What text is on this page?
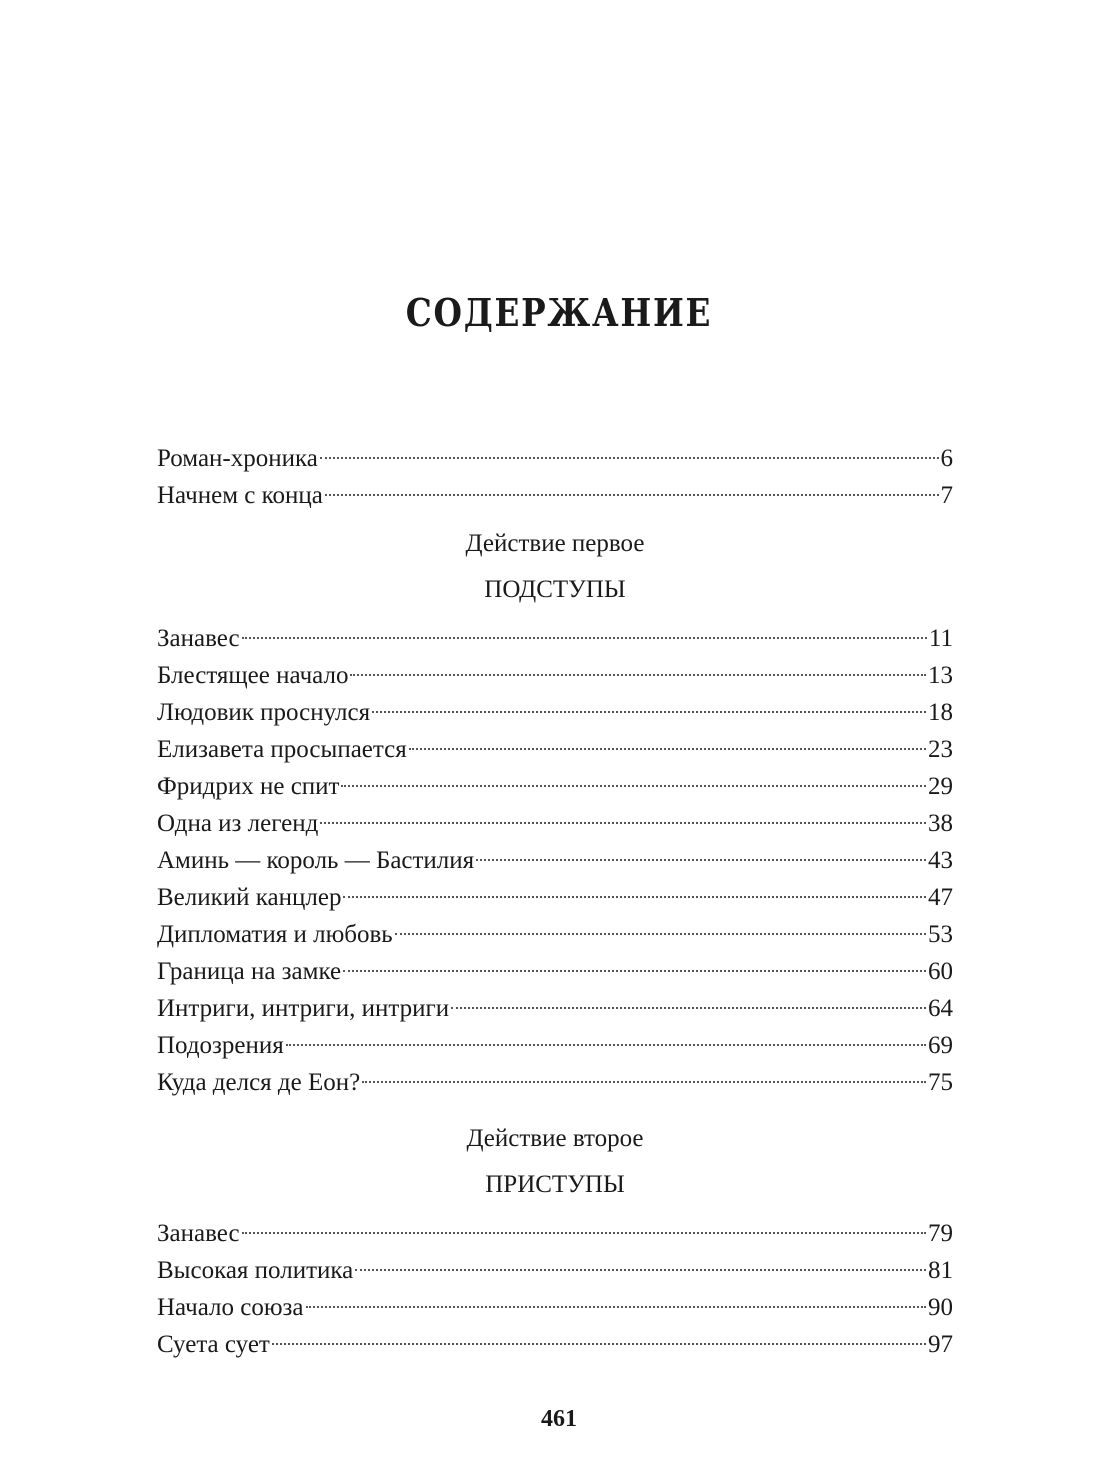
СОДЕРЖАНИЕ
Роман-хроника	6
Начнем с конца	7
Действие первое
ПОДСТУПЫ
Занавес	11
Блестящее начало	13
Людовик проснулся	18
Елизавета просыпается	23
Фридрих не спит	29
Одна из легенд	38
Аминь — король — Бастилия	43
Великий канцлер	47
Дипломатия и любовь	53
Граница на замке	60
Интриги, интриги, интриги	64
Подозрения	69
Куда делся де Еон?	75
Действие второе
ПРИСТУПЫ
Занавес	79
Высокая политика	81
Начало союза	90
Суета сует	97
461
